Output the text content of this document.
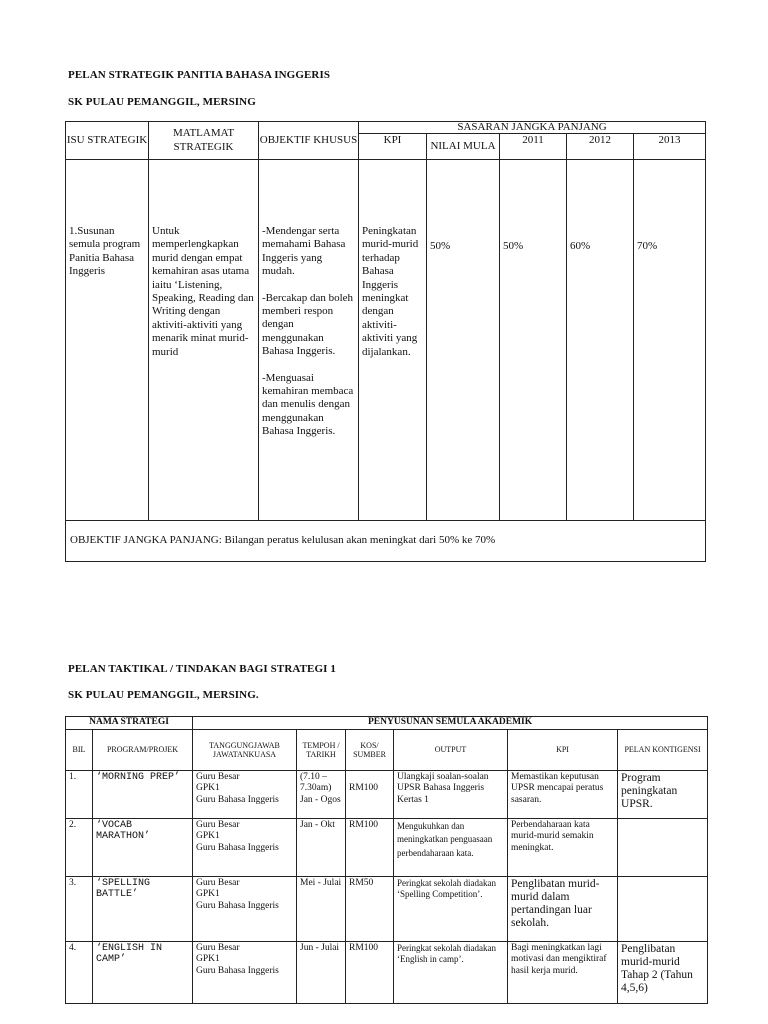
PELAN STRATEGIK PANITIA BAHASA INGGERIS
SK PULAU PEMANGGIL, MERSING
ISU STRATEGIK	MATLAMAT STRATEGIK	OBJEKTIF KHUSUS	SASARAN JANGKA PANJANG				
			KPI	NILAI MULA	2011	2012	2013
1.Susunan semula program Panitia Bahasa Inggeris	Untuk memperlengkapkan murid dengan empat kemahiran asas utama iaitu ‘Listening, Speaking, Reading dan Writing dengan aktiviti-aktiviti yang menarik minat murid-murid	-Mendengar serta memahami Bahasa Inggeris yang mudah.
-Bercakap dan boleh memberi respon dengan menggunakan Bahasa Inggeris.
-Menguasai kemahiran membaca dan menulis dengan menggunakan Bahasa Inggeris.	Peningkatan murid-murid terhadap Bahasa Inggeris meningkat dengan aktiviti-aktiviti yang dijalankan.	50%	50%	60%	70%
OBJEKTIF JANGKA PANJANG: Bilangan peratus kelulusan akan meningkat dari 50% ke 70%							
PELAN TAKTIKAL / TINDAKAN BAGI STRATEGI 1
SK PULAU PEMANGGIL, MERSING.
NAMA STRATEGI		PENYUSUNAN SEMULA AKADEMIK					
BIL	PROGRAM/PROJEK	TANGGUNGJAWAB JAWATANKUASA	TEMPOH / TARIKH	KOS/ SUMBER	OUTPUT	KPI	PELAN KONTIGENSI
1.	‘MORNING PREP’	Guru Besar
GPK1
Guru Bahasa Inggeris	(7.10 – 7.30am) Jan - Ogos	RM100	Ulangkaji soalan-soalan UPSR Bahasa Inggeris Kertas 1	Memastikan keputusan UPSR mencapai peratus sasaran.	Program peningkatan UPSR.
2.	‘VOCAB MARATHON’	Guru Besar
GPK1
Guru Bahasa Inggeris	Jan - Okt	RM100	Mengukuhkan dan meningkatkan penguasaan perbendaharaan kata.	Perbendaharaan kata murid-murid semakin meningkat.	
3.	‘SPELLING BATTLE’	Guru Besar
GPK1
Guru Bahasa Inggeris	Mei - Julai	RM50	Peringkat sekolah diadakan ‘Spelling Competition’.	Penglibatan murid-murid dalam pertandingan luar sekolah.	
4.	‘ENGLISH IN CAMP’	Guru Besar
GPK1
Guru Bahasa Inggeris	Jun - Julai	RM100	Peringkat sekolah diadakan ‘English in camp’.	Bagi meningkatkan lagi motivasi dan mengiktiraf hasil kerja murid.	Penglibatan murid-murid Tahap 2 (Tahun 4,5,6)
